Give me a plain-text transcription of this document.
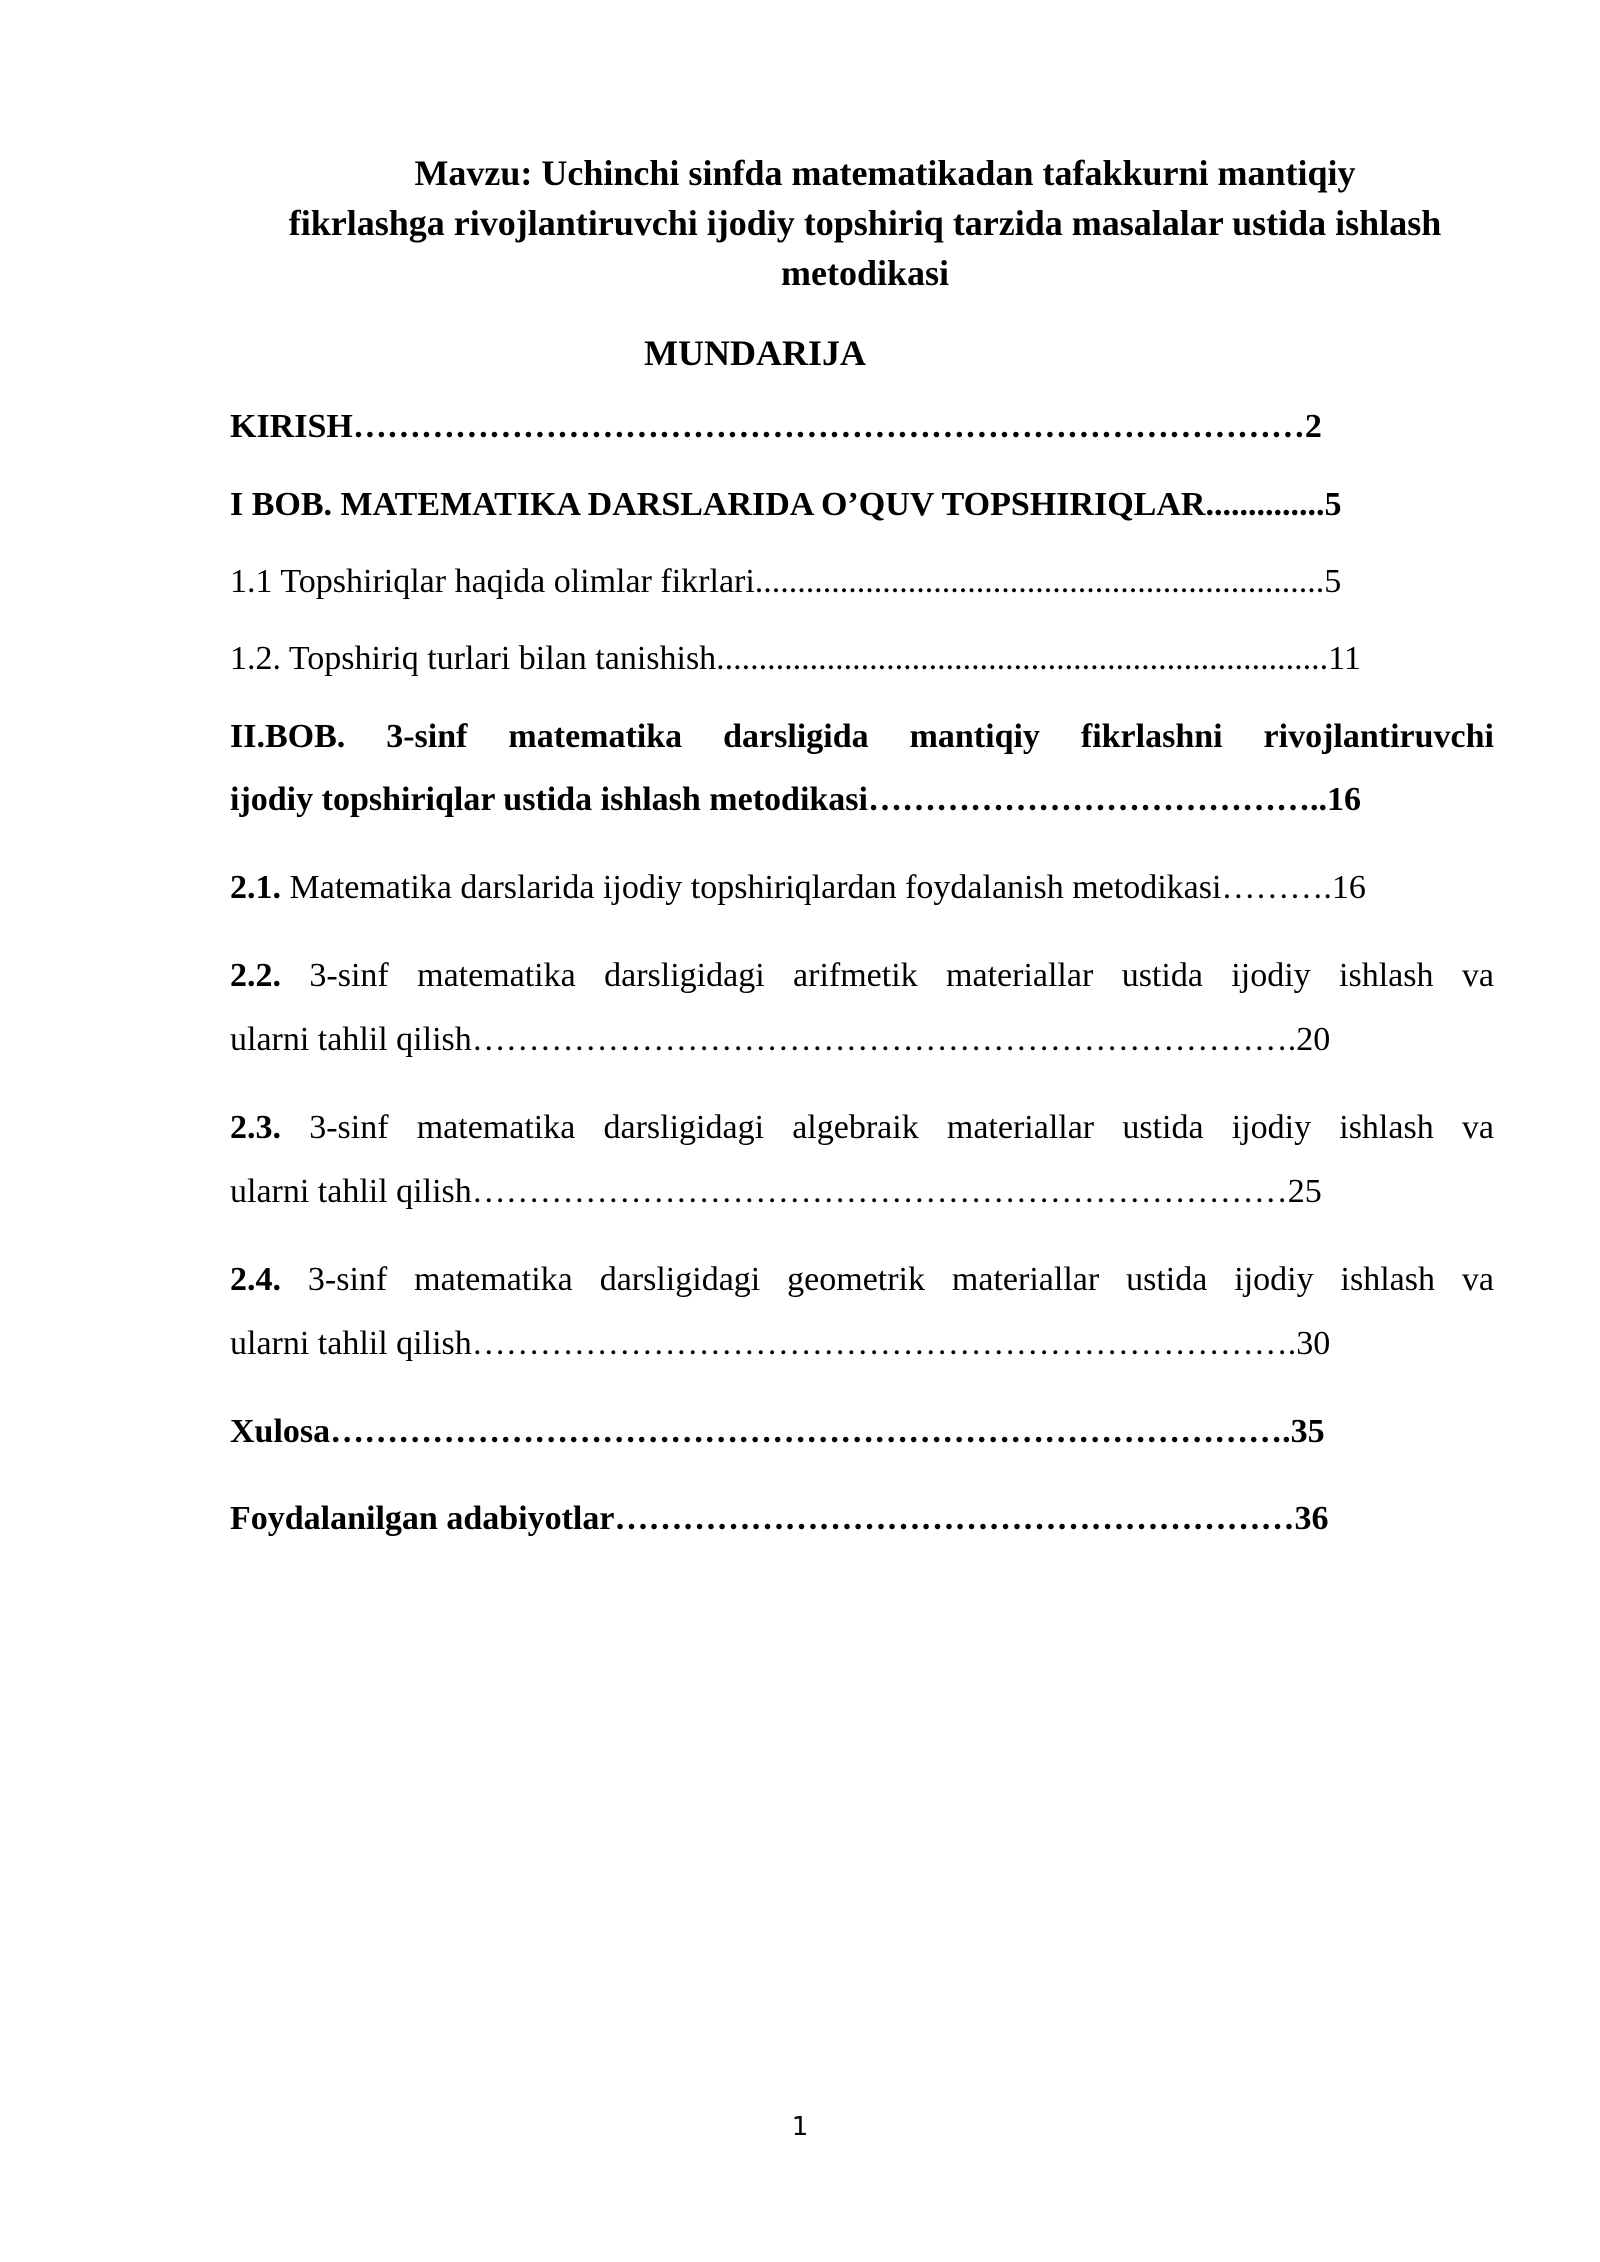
Mavzu: Uchinchi sinfda matematikadan tafakkurni mantiqiy
fikrlashga rivojlantiruvchi ijodiy topshiriq tarzida masalalar ustida ishlash
metodikasi
MUNDARIJA
KIRISH…………………………………………………………………………2
I BOB. MATEMATIKA DARSLARIDA O’QUV TOPSHIRIQLAR..............5
1.1 Topshiriqlar haqida olimlar fikrlari...................................................................5
1.2. Topshiriq turlari bilan tanishish........................................................................11
II.BOB. 3-sinf matematika darsligida mantiqiy fikrlashni rivojlantiruvchi
ijodiy topshiriqlar ustida ishlash metodikasi…………………………………..16
2.1. Matematika darslarida ijodiy topshiriqlardan foydalanish metodikasi……….16
2.2. 3-sinf matematika darsligidagi arifmetik materiallar ustida ijodiy ishlash va
ularni tahlil qilish……………………………………………………………….20
2.3. 3-sinf matematika darsligidagi algebraik materiallar ustida ijodiy ishlash va
ularni tahlil qilish………………………………………………………………25
2.4. 3-sinf matematika darsligidagi geometrik materiallar ustida ijodiy ishlash va
ularni tahlil qilish……………………………………………………………….30
Xulosa………………………………………………………………………….35
Foydalanilgan adabiyotlar……………………………………………………36
1
